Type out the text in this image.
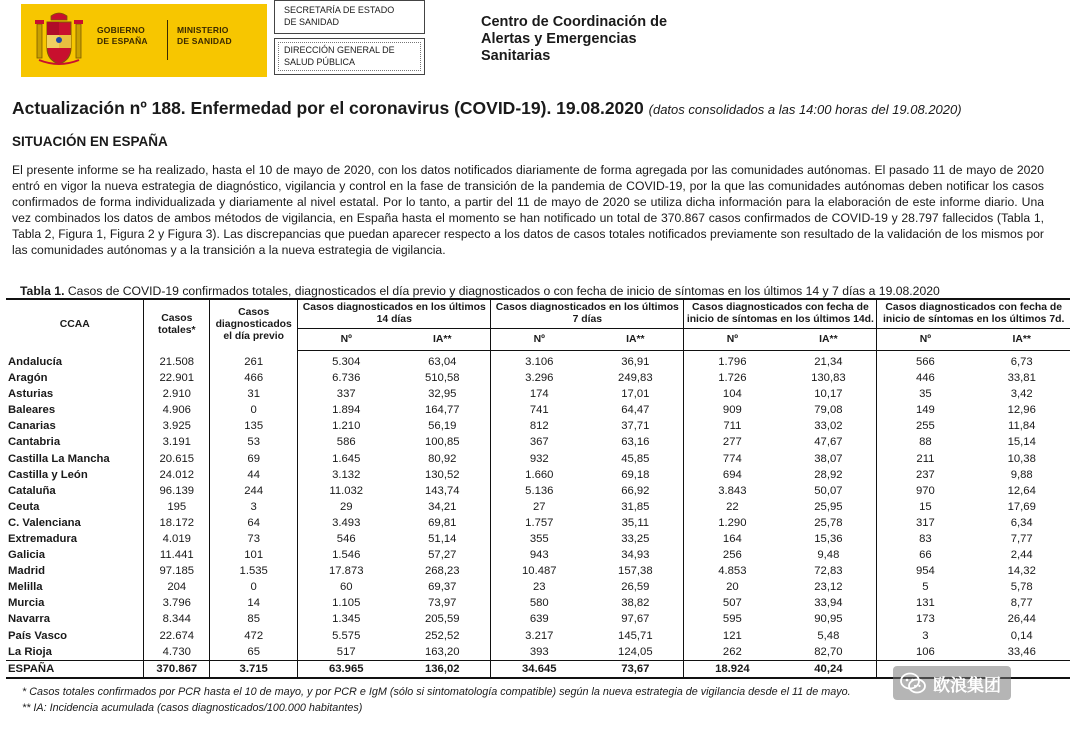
GOBIERNO
DE ESPAÑA
MINISTERIO
DE SANIDAD
SECRETARÍA DE ESTADO
DE SANIDAD
DIRECCIÓN GENERAL DE
SALUD PÚBLICA
Centro de Coordinación de
Alertas y Emergencias
Sanitarias
Actualización nº 188. Enfermedad por el coronavirus (COVID-19). 19.08.2020 (datos consolidados a las 14:00 horas del 19.08.2020)
SITUACIÓN EN ESPAÑA

El presente informe se ha realizado, hasta el 10 de mayo de 2020, con los datos notificados diariamente de forma agregada por las comunidades autónomas. El pasado 11 de mayo de 2020 entró en vigor la nueva estrategia de diagnóstico, vigilancia y control en la fase de transición de la pandemia de COVID-19, por la que las comunidades autónomas deben notificar los casos confirmados de forma individualizada y diariamente al nivel estatal. Por lo tanto, a partir del 11 de mayo de 2020 se utiliza dicha información para la elaboración de este informe diario. Una vez combinados los datos de ambos métodos de vigilancia, en España hasta el momento se han notificado un total de 370.867 casos confirmados de COVID-19 y 28.797 fallecidos (Tabla 1, Tabla 2, Figura 1, Figura 2 y Figura 3). Las discrepancias que puedan aparecer respecto a los datos de casos totales notificados previamente son resultado de la validación de los mismos por las comunidades autónomas y a la transición a la nueva estrategia de vigilancia.

Tabla 1. Casos de COVID-19 confirmados totales, diagnosticados el día previo y diagnosticados o con fecha de inicio de síntomas en los últimos 14 y 7 días a 19.08.2020
CCAA	Casos totales*	Casos diagnosticados el día previo	Casos diagnosticados en los últimos 14 días		Casos diagnosticados en los últimos 7 días		Casos diagnosticados con fecha de inicio de síntomas en los últimos 14d.		Casos diagnosticados con fecha de inicio de síntomas en los últimos 7d.	
			Nº	IA**	Nº	IA**	Nº	IA**	Nº	IA**
Andalucía	21.508	261	5.304	63,04	3.106	36,91	1.796	21,34	566	6,73
Aragón	22.901	466	6.736	510,58	3.296	249,83	1.726	130,83	446	33,81
Asturias	2.910	31	337	32,95	174	17,01	104	10,17	35	3,42
Baleares	4.906	0	1.894	164,77	741	64,47	909	79,08	149	12,96
Canarias	3.925	135	1.210	56,19	812	37,71	711	33,02	255	11,84
Cantabria	3.191	53	586	100,85	367	63,16	277	47,67	88	15,14
Castilla La Mancha	20.615	69	1.645	80,92	932	45,85	774	38,07	211	10,38
Castilla y León	24.012	44	3.132	130,52	1.660	69,18	694	28,92	237	9,88
Cataluña	96.139	244	11.032	143,74	5.136	66,92	3.843	50,07	970	12,64
Ceuta	195	3	29	34,21	27	31,85	22	25,95	15	17,69
C. Valenciana	18.172	64	3.493	69,81	1.757	35,11	1.290	25,78	317	6,34
Extremadura	4.019	73	546	51,14	355	33,25	164	15,36	83	7,77
Galicia	11.441	101	1.546	57,27	943	34,93	256	9,48	66	2,44
Madrid	97.185	1.535	17.873	268,23	10.487	157,38	4.853	72,83	954	14,32
Melilla	204	0	60	69,37	23	26,59	20	23,12	5	5,78
Murcia	3.796	14	1.105	73,97	580	38,82	507	33,94	131	8,77
Navarra	8.344	85	1.345	205,59	639	97,67	595	90,95	173	26,44
País Vasco	22.674	472	5.575	252,52	3.217	145,71	121	5,48	3	0,14
La Rioja	4.730	65	517	163,20	393	124,05	262	82,70	106	33,46
ESPAÑA	370.867	3.715	63.965	136,02	34.645	73,67	18.924	40,24		
* Casos totales confirmados por PCR hasta el 10 de mayo, y por PCR e IgM (sólo si sintomatología compatible) según la nueva estrategia de vigilancia desde el 11 de mayo.
** IA: Incidencia acumulada (casos diagnosticados/100.000 habitantes)
欧浪集团
